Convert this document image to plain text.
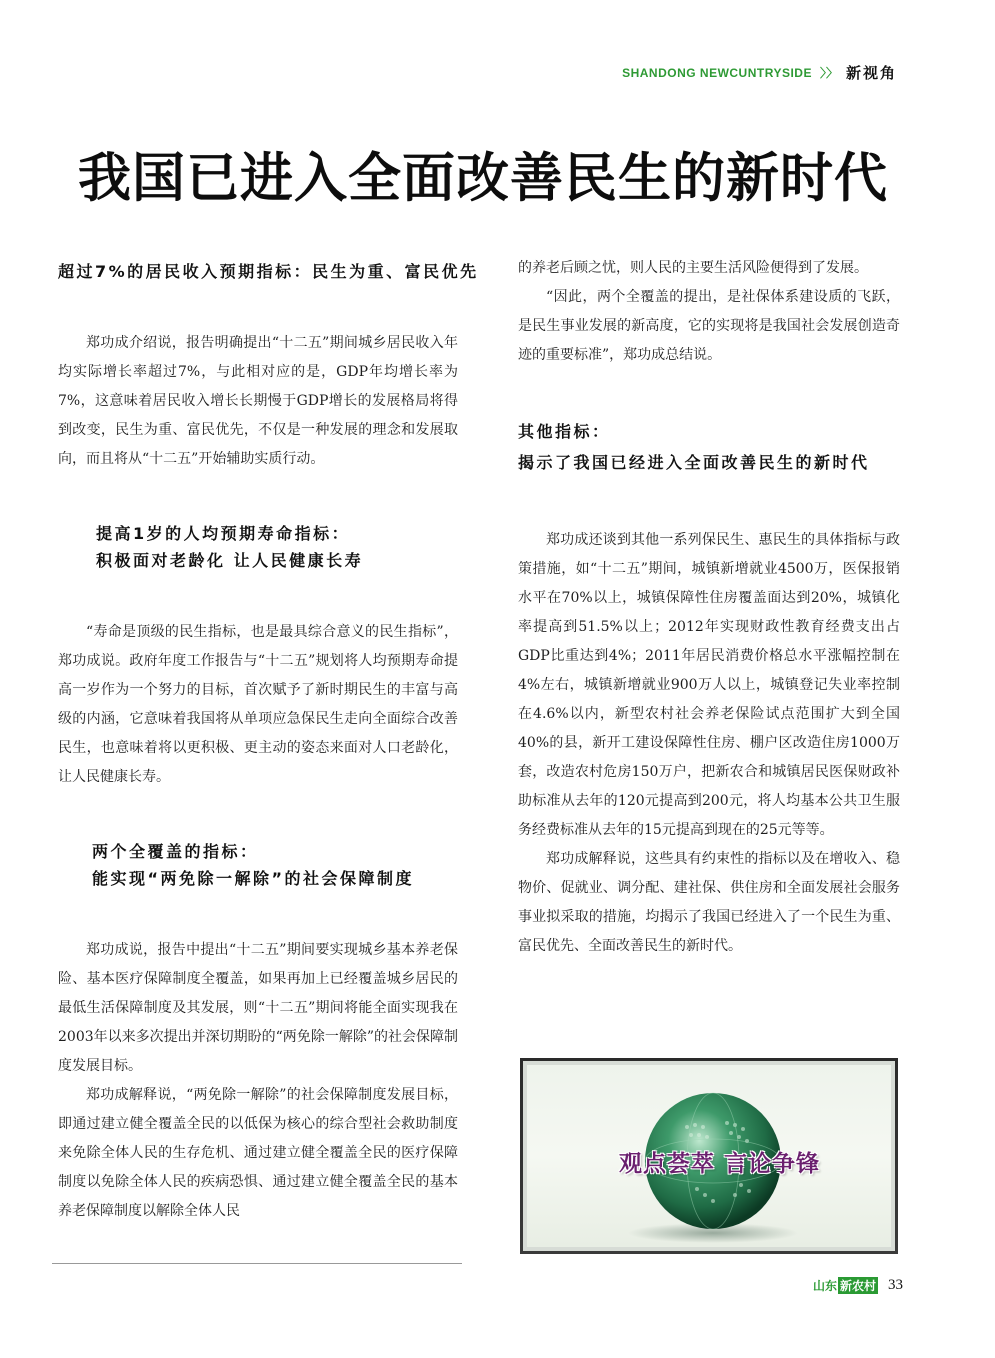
SHANDONG NEWCUNTRYSIDE 〉〉 新视角
我国已进入全面改善民生的新时代
超过7%的居民收入预期指标：民生为重、富民优先

郑功成介绍说，报告明确提出“十二五”期间城乡居民收入年均实际增长率超过7%，与此相对应的是，GDP年均增长率为7%，这意味着居民收入增长长期慢于GDP增长的发展格局将得到改变，民生为重、富民优先，不仅是一种发展的理念和发展取向，而且将从“十二五”开始辅助实质行动。

提高1岁的人均预期寿命指标：
积极面对老龄化 让人民健康长寿

“寿命是顶级的民生指标，也是最具综合意义的民生指标”，郑功成说。政府年度工作报告与“十二五”规划将人均预期寿命提高一岁作为一个努力的目标，首次赋予了新时期民生的丰富与高级的内涵，它意味着我国将从单项应急保民生走向全面综合改善民生，也意味着将以更积极、更主动的姿态来面对人口老龄化，让人民健康长寿。

两个全覆盖的指标：
能实现“两免除一解除”的社会保障制度

郑功成说，报告中提出“十二五”期间要实现城乡基本养老保险、基本医疗保障制度全覆盖，如果再加上已经覆盖城乡居民的最低生活保障制度及其发展，则“十二五”期间将能全面实现我在2003年以来多次提出并深切期盼的“两免除一解除”的社会保障制度发展目标。

郑功成解释说，“两免除一解除”的社会保障制度发展目标，即通过建立健全覆盖全民的以低保为核心的综合型社会救助制度来免除全体人民的生存危机、通过建立健全覆盖全民的医疗保障制度以免除全体人民的疾病恐惧、通过建立健全覆盖全民的基本养老保障制度以解除全体人民

的养老后顾之忧，则人民的主要生活风险便得到了发展。

“因此，两个全覆盖的提出，是社保体系建设质的飞跃，是民生事业发展的新高度，它的实现将是我国社会发展创造奇迹的重要标准”，郑功成总结说。

其他指标：
揭示了我国已经进入全面改善民生的新时代

郑功成还谈到其他一系列保民生、惠民生的具体指标与政策措施，如“十二五”期间，城镇新增就业4500万，医保报销水平在70%以上，城镇保障性住房覆盖面达到20%，城镇化率提高到51.5%以上；2012年实现财政性教育经费支出占GDP比重达到4%；2011年居民消费价格总水平涨幅控制在4%左右，城镇新增就业900万人以上，城镇登记失业率控制在4.6%以内，新型农村社会养老保险试点范围扩大到全国40%的县，新开工建设保障性住房、棚户区改造住房1000万套，改造农村危房150万户，把新农合和城镇居民医保财政补助标准从去年的120元提高到200元，将人均基本公共卫生服务经费标准从去年的15元提高到现在的25元等等。

郑功成解释说，这些具有约束性的指标以及在增收入、稳物价、促就业、调分配、建社保、供住房和全面发展社会服务事业拟采取的措施，均揭示了我国已经进入了一个民生为重、富民优先、全面改善民生的新时代。

观点荟萃 言论争锋
山东 新农村 33
